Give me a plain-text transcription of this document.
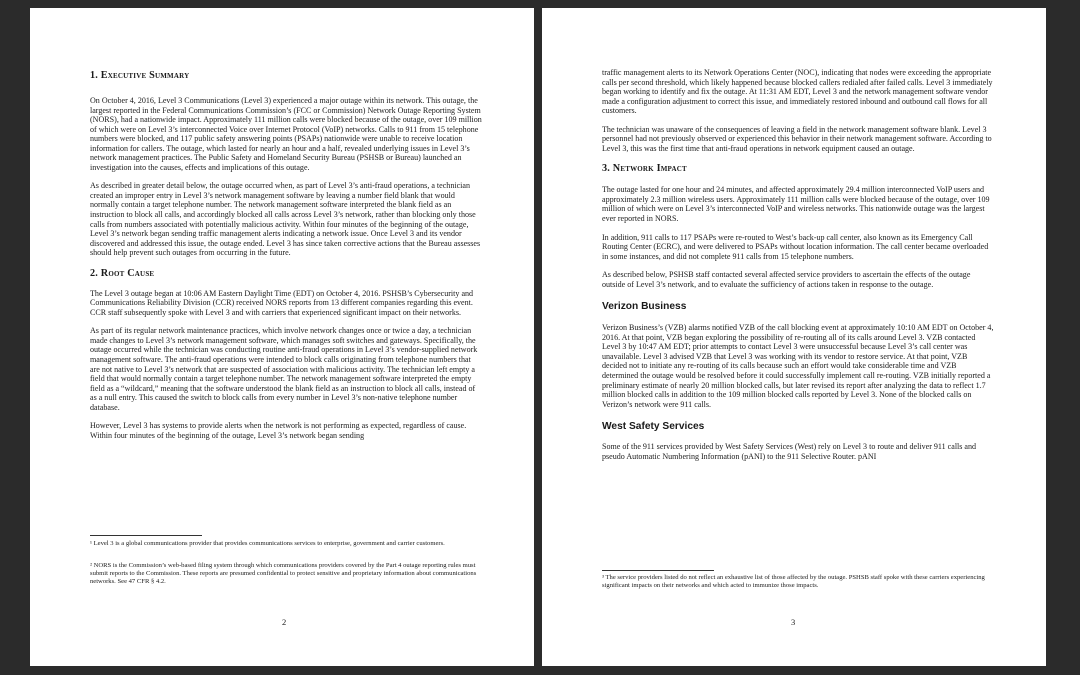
1. Executive Summary

On October 4, 2016, Level 3 Communications (Level 3) experienced a major outage within its network. This outage, the largest reported in the Federal Communications Commission’s (FCC or Commission) Network Outage Reporting System (NORS), had a nationwide impact. Approximately 111 million calls were blocked because of the outage, over 109 million of which were on Level 3’s interconnected Voice over Internet Protocol (VoIP) networks. Calls to 911 from 15 telephone numbers were blocked, and 117 public safety answering points (PSAPs) nationwide were unable to receive location information for callers. The outage, which lasted for nearly an hour and a half, revealed underlying issues in Level 3’s network management practices. The Public Safety and Homeland Security Bureau (PSHSB or Bureau) launched an investigation into the causes, effects and implications of this outage.

As described in greater detail below, the outage occurred when, as part of Level 3’s anti-fraud operations, a technician created an improper entry in Level 3’s network management software by leaving a number field blank that would normally contain a target telephone number. The network management software interpreted the blank field as an instruction to block all calls, and accordingly blocked all calls across Level 3’s network, rather than blocking only those calls from numbers associated with potentially malicious activity. Within four minutes of the beginning of the outage, Level 3’s network began sending traffic management alerts indicating a network issue. Once Level 3 and its vendor discovered and addressed this issue, the outage ended. Level 3 has since taken corrective actions that the Bureau assesses should help prevent such outages from occurring in the future.

2. Root Cause

The Level 3 outage began at 10:06 AM Eastern Daylight Time (EDT) on October 4, 2016. PSHSB’s Cybersecurity and Communications Reliability Division (CCR) received NORS reports from 13 different companies regarding this event. CCR staff subsequently spoke with Level 3 and with carriers that experienced significant impact on their networks.

As part of its regular network maintenance practices, which involve network changes once or twice a day, a technician made changes to Level 3’s network management software, which manages soft switches and gateways. Specifically, the outage occurred while the technician was conducting routine anti-fraud operations in Level 3’s vendor-supplied network management software. The anti-fraud operations were intended to block calls originating from telephone numbers that are not native to Level 3’s network that are suspected of association with malicious activity. The technician left empty a field that would normally contain a target telephone number. The network management software interpreted the empty field as a “wildcard,” meaning that the software understood the blank field as an instruction to block all calls, instead of as a null entry. This caused the switch to block calls from every number in Level 3’s non-native telephone number database.

However, Level 3 has systems to provide alerts when the network is not performing as expected, regardless of cause. Within four minutes of the beginning of the outage, Level 3’s network began sending

¹ Level 3 is a global communications provider that provides communications services to enterprise, government and carrier customers.

² NORS is the Commission’s web-based filing system through which communications providers covered by the Part 4 outage reporting rules must submit reports to the Commission. These reports are presumed confidential to protect sensitive and proprietary information about communications networks. See 47 CFR § 4.2.

2

traffic management alerts to its Network Operations Center (NOC), indicating that nodes were exceeding the appropriate calls per second threshold, which likely happened because blocked callers redialed after failed calls. Level 3 immediately began working to identify and fix the outage. At 11:31 AM EDT, Level 3 and the network management software vendor made a configuration adjustment to correct this issue, and immediately restored inbound and outbound call flows for all customers.

The technician was unaware of the consequences of leaving a field in the network management software blank. Level 3 personnel had not previously observed or experienced this behavior in their network management software. According to Level 3, this was the first time that anti-fraud operations in network equipment caused an outage.

3. Network Impact

The outage lasted for one hour and 24 minutes, and affected approximately 29.4 million interconnected VoIP users and approximately 2.3 million wireless users. Approximately 111 million calls were blocked because of the outage, over 109 million of which were on Level 3’s interconnected VoIP and wireless networks. This nationwide outage was the largest ever reported in NORS.

In addition, 911 calls to 117 PSAPs were re-routed to West’s back-up call center, also known as its Emergency Call Routing Center (ECRC), and were delivered to PSAPs without location information. The call center became overloaded in some instances, and did not complete 911 calls from 15 telephone numbers.

As described below, PSHSB staff contacted several affected service providers to ascertain the effects of the outage outside of Level 3’s network, and to evaluate the sufficiency of actions taken in response to the outage.

Verizon Business

Verizon Business’s (VZB) alarms notified VZB of the call blocking event at approximately 10:10 AM EDT on October 4, 2016. At that point, VZB began exploring the possibility of re-routing all of its calls around Level 3. VZB contacted Level 3 by 10:47 AM EDT; prior attempts to contact Level 3 were unsuccessful because Level 3’s call center was unavailable. Level 3 advised VZB that Level 3 was working with its vendor to restore service. At that point, VZB decided not to initiate any re-routing of its calls because such an effort would take considerable time and VZB determined the outage would be resolved before it could successfully implement call re-routing. VZB initially reported a preliminary estimate of nearly 20 million blocked calls, but later revised its report after analyzing the data to reflect 1.7 million blocked calls in addition to the 109 million blocked calls reported by Level 3. None of the blocked calls on Verizon’s network were 911 calls.

West Safety Services

Some of the 911 services provided by West Safety Services (West) rely on Level 3 to route and deliver 911 calls and pseudo Automatic Numbering Information (pANI) to the 911 Selective Router. pANI

³ The service providers listed do not reflect an exhaustive list of those affected by the outage. PSHSB staff spoke with these carriers experiencing significant impacts on their networks and which acted to immunize those impacts.

3
